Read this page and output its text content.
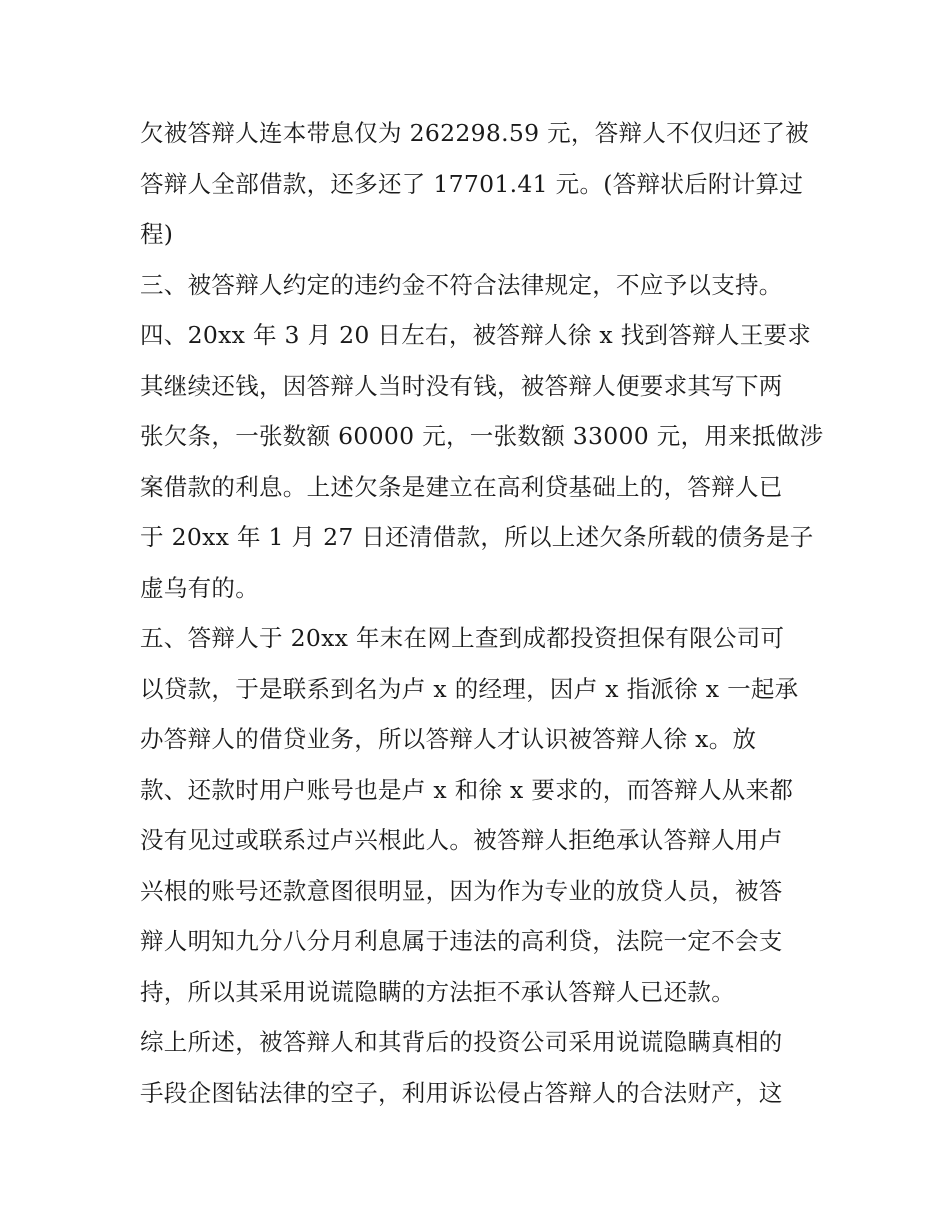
欠被答辩人连本带息仅为 262298.59 元，答辩人不仅归还了被
答辩人全部借款，还多还了 17701.41 元。(答辩状后附计算过
程)
三、被答辩人约定的违约金不符合法律规定，不应予以支持。
四、20xx 年 3 月 20 日左右，被答辩人徐 x 找到答辩人王要求
其继续还钱，因答辩人当时没有钱，被答辩人便要求其写下两
张欠条，一张数额 60000 元，一张数额 33000 元，用来抵做涉
案借款的利息。上述欠条是建立在高利贷基础上的，答辩人已
于 20xx 年 1 月 27 日还清借款，所以上述欠条所载的债务是子
虚乌有的。
五、答辩人于 20xx 年末在网上查到成都投资担保有限公司可
以贷款，于是联系到名为卢 x 的经理，因卢 x 指派徐 x 一起承
办答辩人的借贷业务，所以答辩人才认识被答辩人徐 x。放
款、还款时用户账号也是卢 x 和徐 x 要求的，而答辩人从来都
没有见过或联系过卢兴根此人。被答辩人拒绝承认答辩人用卢
兴根的账号还款意图很明显，因为作为专业的放贷人员，被答
辩人明知九分八分月利息属于违法的高利贷，法院一定不会支
持，所以其采用说谎隐瞒的方法拒不承认答辩人已还款。
综上所述，被答辩人和其背后的投资公司采用说谎隐瞒真相的
手段企图钻法律的空子，利用诉讼侵占答辩人的合法财产，这
